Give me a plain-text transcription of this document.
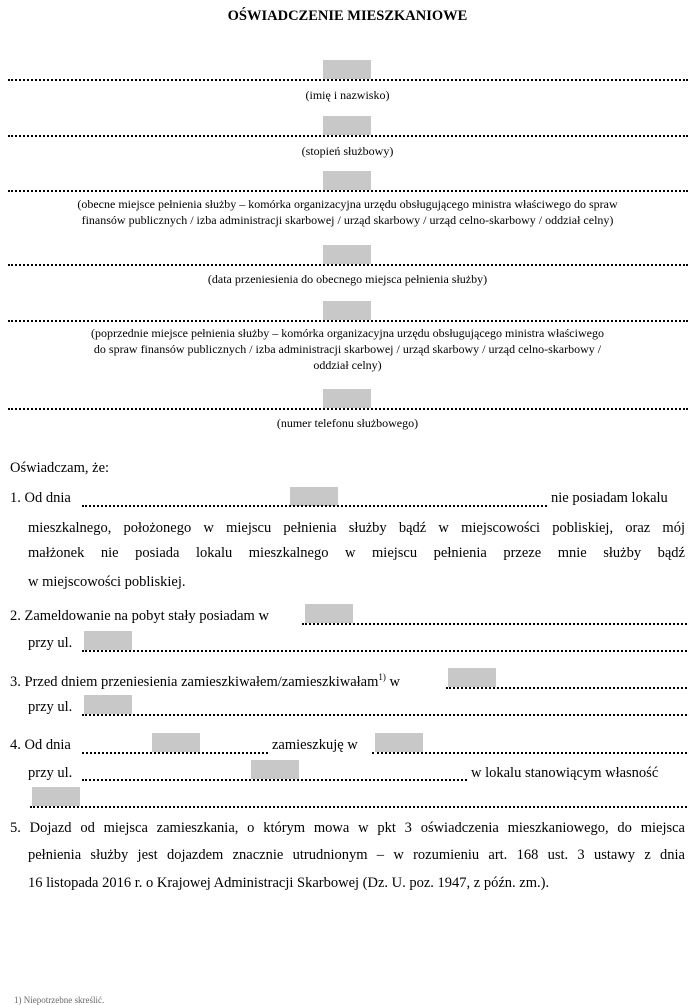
OŚWIADCZENIE MIESZKANIOWE
(imię i nazwisko)
(stopień służbowy)
(obecne miejsce pełnienia służby – komórka organizacyjna urzędu obsługującego ministra właściwego do spraw
finansów publicznych / izba administracji skarbowej / urząd skarbowy / urząd celno-skarbowy / oddział celny)
(data przeniesienia do obecnego miejsca pełnienia służby)
(poprzednie miejsce pełnienia służby – komórka organizacyjna urzędu obsługującego ministra właściwego
do spraw finansów publicznych / izba administracji skarbowej / urząd skarbowy / urząd celno-skarbowy /
oddział celny)
(numer telefonu służbowego)
Oświadczam, że:
1. Od dnia	nie posiadam lokalu
mieszkalnego, położonego w miejscu pełnienia służby bądź w miejscowości pobliskiej, oraz mój
małżonek nie posiada lokalu mieszkalnego w miejscu pełnienia przeze mnie służby bądź
w miejscowości pobliskiej.
2. Zameldowanie na pobyt stały posiadam w
przy ul.
3. Przed dniem przeniesienia zamieszkiwałem/zamieszkiwałam$^{1)}$ w
przy ul.
4. Od dnia	zamieszkuję w
przy ul.	w lokalu stanowiącym własność
5. Dojazd od miejsca zamieszkania, o którym mowa w pkt 3 oświadczenia mieszkaniowego, do miejsca
pełnienia służby jest dojazdem znacznie utrudnionym – w rozumieniu art. 168 ust. 3 ustawy z dnia
16 listopada 2016 r. o Krajowej Administracji Skarbowej (Dz. U. poz. 1947, z późn. zm.).
1) Niepotrzebne skreślić.
